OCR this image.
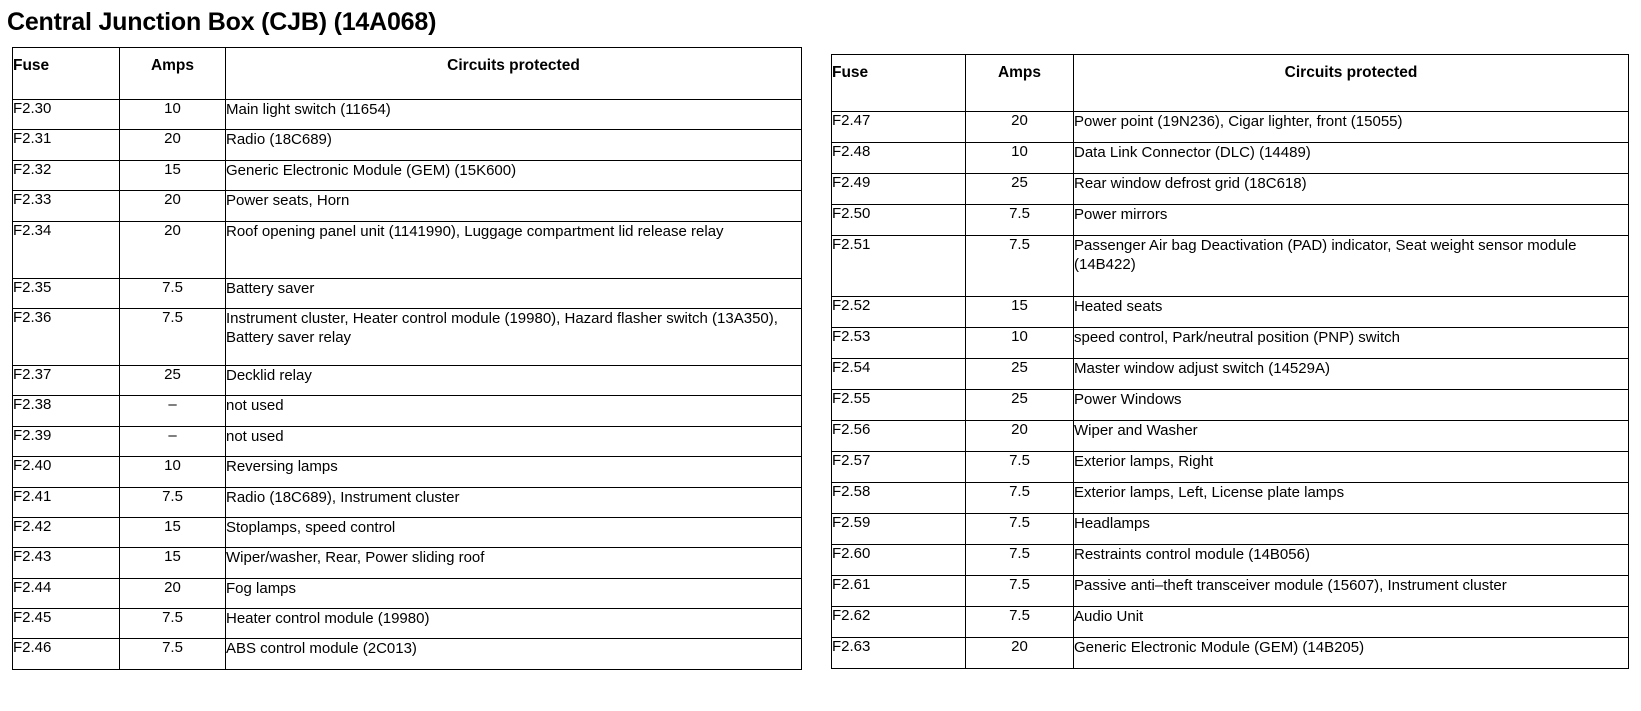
Central Junction Box (CJB) (14A068)
Fuse	Amps	Circuits protected
F2.30	10	Main light switch (11654)
F2.31	20	Radio (18C689)
F2.32	15	Generic Electronic Module (GEM) (15K600)
F2.33	20	Power seats, Horn
F2.34	20	Roof opening panel unit (1141990), Luggage compartment lid release relay
F2.35	7.5	Battery saver
F2.36	7.5	Instrument cluster, Heater control module (19980), Hazard flasher switch (13A350), Battery saver relay
F2.37	25	Decklid relay
F2.38	–	not used
F2.39	–	not used
F2.40	10	Reversing lamps
F2.41	7.5	Radio (18C689), Instrument cluster
F2.42	15	Stoplamps, speed control
F2.43	15	Wiper/washer, Rear, Power sliding roof
F2.44	20	Fog lamps
F2.45	7.5	Heater control module (19980)
F2.46	7.5	ABS control module (2C013)
Fuse	Amps	Circuits protected
F2.47	20	Power point (19N236), Cigar lighter, front (15055)
F2.48	10	Data Link Connector (DLC) (14489)
F2.49	25	Rear window defrost grid (18C618)
F2.50	7.5	Power mirrors
F2.51	7.5	Passenger Air bag Deactivation (PAD) indicator, Seat weight sensor module (14B422)
F2.52	15	Heated seats
F2.53	10	speed control, Park/neutral position (PNP) switch
F2.54	25	Master window adjust switch (14529A)
F2.55	25	Power Windows
F2.56	20	Wiper and Washer
F2.57	7.5	Exterior lamps, Right
F2.58	7.5	Exterior lamps, Left, License plate lamps
F2.59	7.5	Headlamps
F2.60	7.5	Restraints control module (14B056)
F2.61	7.5	Passive anti–theft transceiver module (15607), Instrument cluster
F2.62	7.5	Audio Unit
F2.63	20	Generic Electronic Module (GEM) (14B205)
